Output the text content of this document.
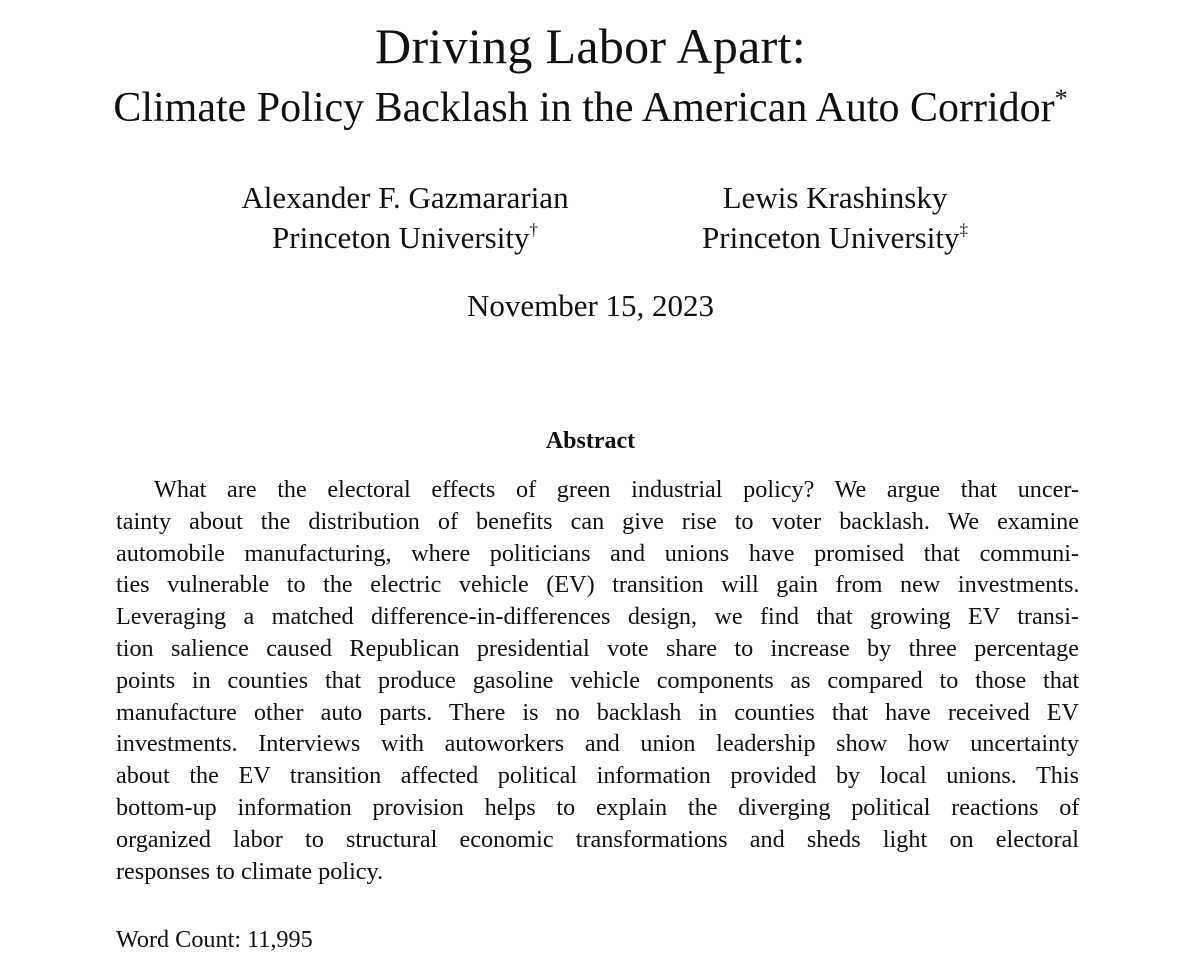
Driving Labor Apart:
Climate Policy Backlash in the American Auto Corridor*
Alexander F. Gazmararian
Princeton University†
Lewis Krashinsky
Princeton University‡
November 15, 2023
Abstract
What are the electoral effects of green industrial policy? We argue that uncer-
tainty about the distribution of benefits can give rise to voter backlash. We examine
automobile manufacturing, where politicians and unions have promised that communi-
ties vulnerable to the electric vehicle (EV) transition will gain from new investments.
Leveraging a matched difference-in-differences design, we find that growing EV transi-
tion salience caused Republican presidential vote share to increase by three percentage
points in counties that produce gasoline vehicle components as compared to those that
manufacture other auto parts. There is no backlash in counties that have received EV
investments. Interviews with autoworkers and union leadership show how uncertainty
about the EV transition affected political information provided by local unions. This
bottom-up information provision helps to explain the diverging political reactions of
organized labor to structural economic transformations and sheds light on electoral
responses to climate policy.
Word Count: 11,995
